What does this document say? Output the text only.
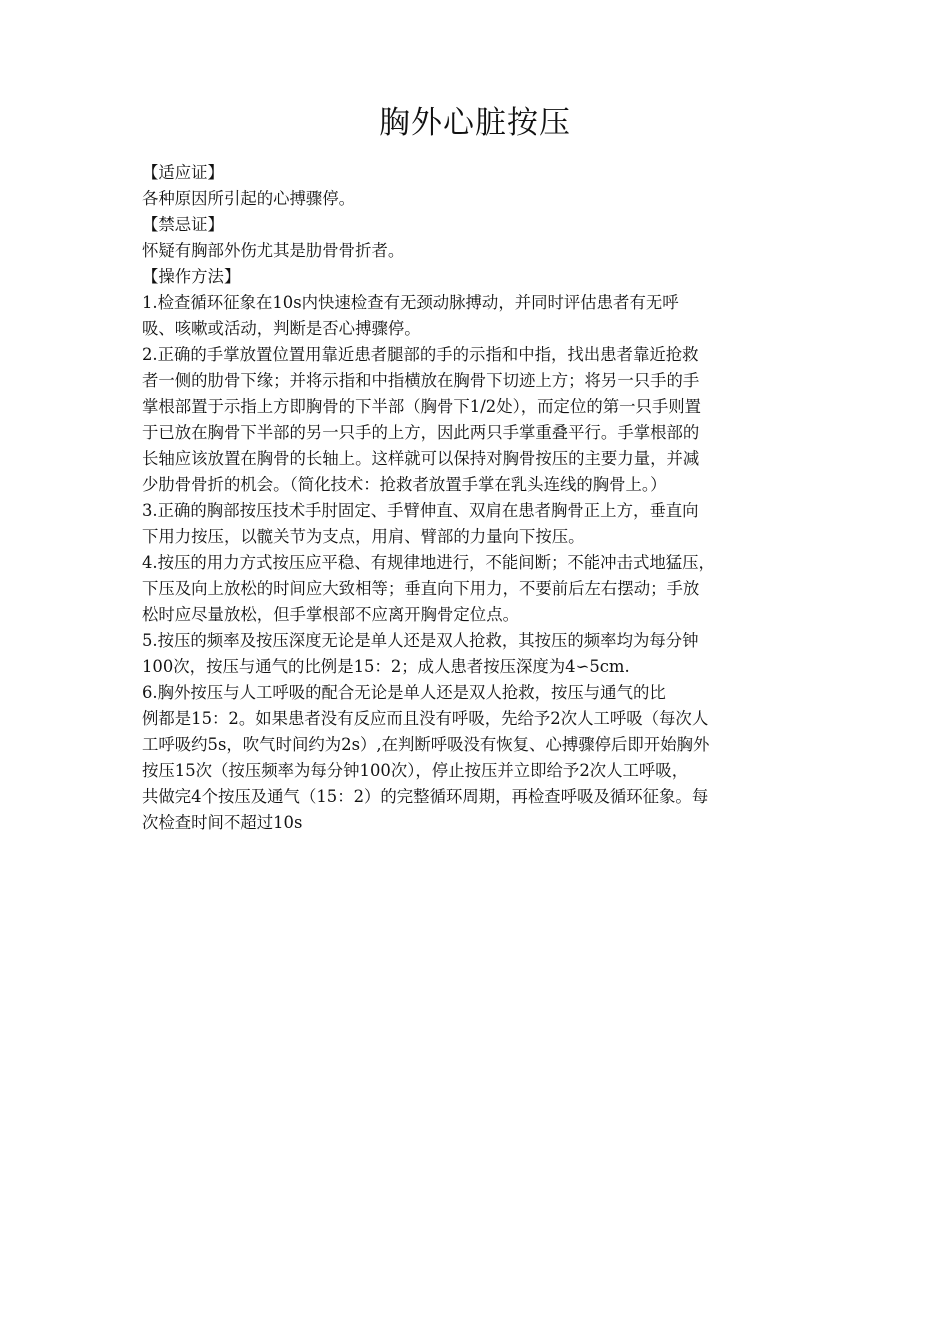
胸外心脏按压
【适应证】
各种原因所引起的心搏骤停。
【禁忌证】
怀疑有胸部外伤尤其是肋骨骨折者。
【操作方法】
1.检查循环征象在10s内快速检查有无颈动脉搏动，并同时评估患者有无呼
吸、咳嗽或活动，判断是否心搏骤停。
2.正确的手掌放置位置用靠近患者腿部的手的示指和中指，找出患者靠近抢救
者一侧的肋骨下缘；并将示指和中指横放在胸骨下切迹上方；将另一只手的手
掌根部置于示指上方即胸骨的下半部（胸骨下1/2处），而定位的第一只手则置
于已放在胸骨下半部的另一只手的上方，因此两只手掌重叠平行。手掌根部的
长轴应该放置在胸骨的长轴上。这样就可以保持对胸骨按压的主要力量，并减
少肋骨骨折的机会。（简化技术：抢救者放置手掌在乳头连线的胸骨上。）
3.正确的胸部按压技术手肘固定、手臂伸直、双肩在患者胸骨正上方，垂直向
下用力按压，以髋关节为支点，用肩、臂部的力量向下按压。
4.按压的用力方式按压应平稳、有规律地进行，不能间断；不能冲击式地猛压，
下压及向上放松的时间应大致相等；垂直向下用力，不要前后左右摆动；手放
松时应尽量放松，但手掌根部不应离开胸骨定位点。
5.按压的频率及按压深度无论是单人还是双人抢救，其按压的频率均为每分钟
100次，按压与通气的比例是15：2；成人患者按压深度为4∽5cm.
6.胸外按压与人工呼吸的配合无论是单人还是双人抢救，按压与通气的比
例都是15：2。如果患者没有反应而且没有呼吸，先给予2次人工呼吸（每次人
工呼吸约5s，吹气时间约为2s）,在判断呼吸没有恢复、心搏骤停后即开始胸外
按压15次（按压频率为每分钟100次），停止按压并立即给予2次人工呼吸，
共做完4个按压及通气（15：2）的完整循环周期，再检查呼吸及循环征象。每
次检查时间不超过10s
